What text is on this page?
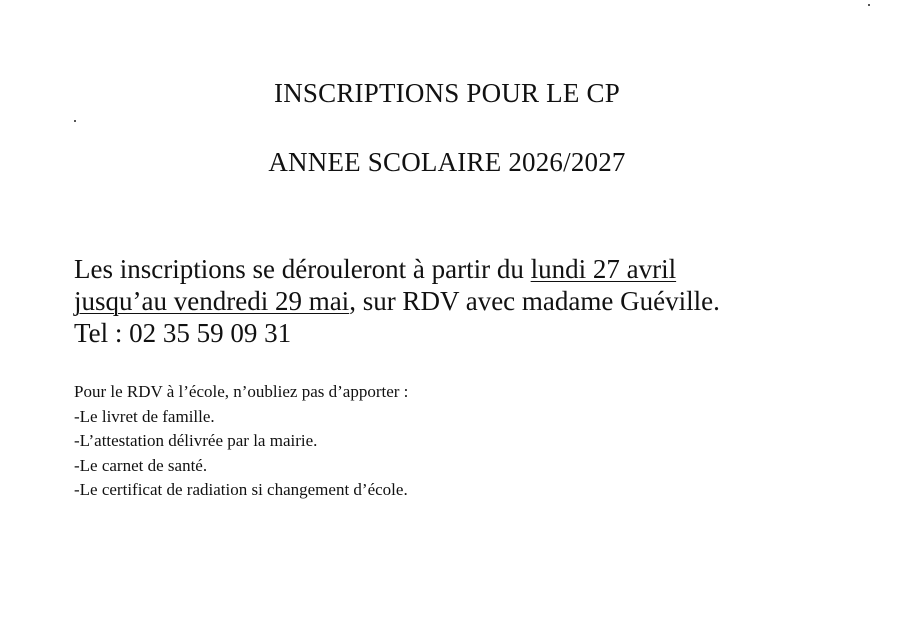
INSCRIPTIONS POUR LE CP
ANNEE SCOLAIRE 2026/2027
Les inscriptions se dérouleront à partir du lundi 27 avril
jusqu’au vendredi 29 mai, sur RDV avec madame Guéville.
Tel : 02 35 59 09 31
Pour le RDV à l’école, n’oubliez pas d’apporter :
-Le livret de famille.
-L’attestation délivrée par la mairie.
-Le carnet de santé.
-Le certificat de radiation si changement d’école.
